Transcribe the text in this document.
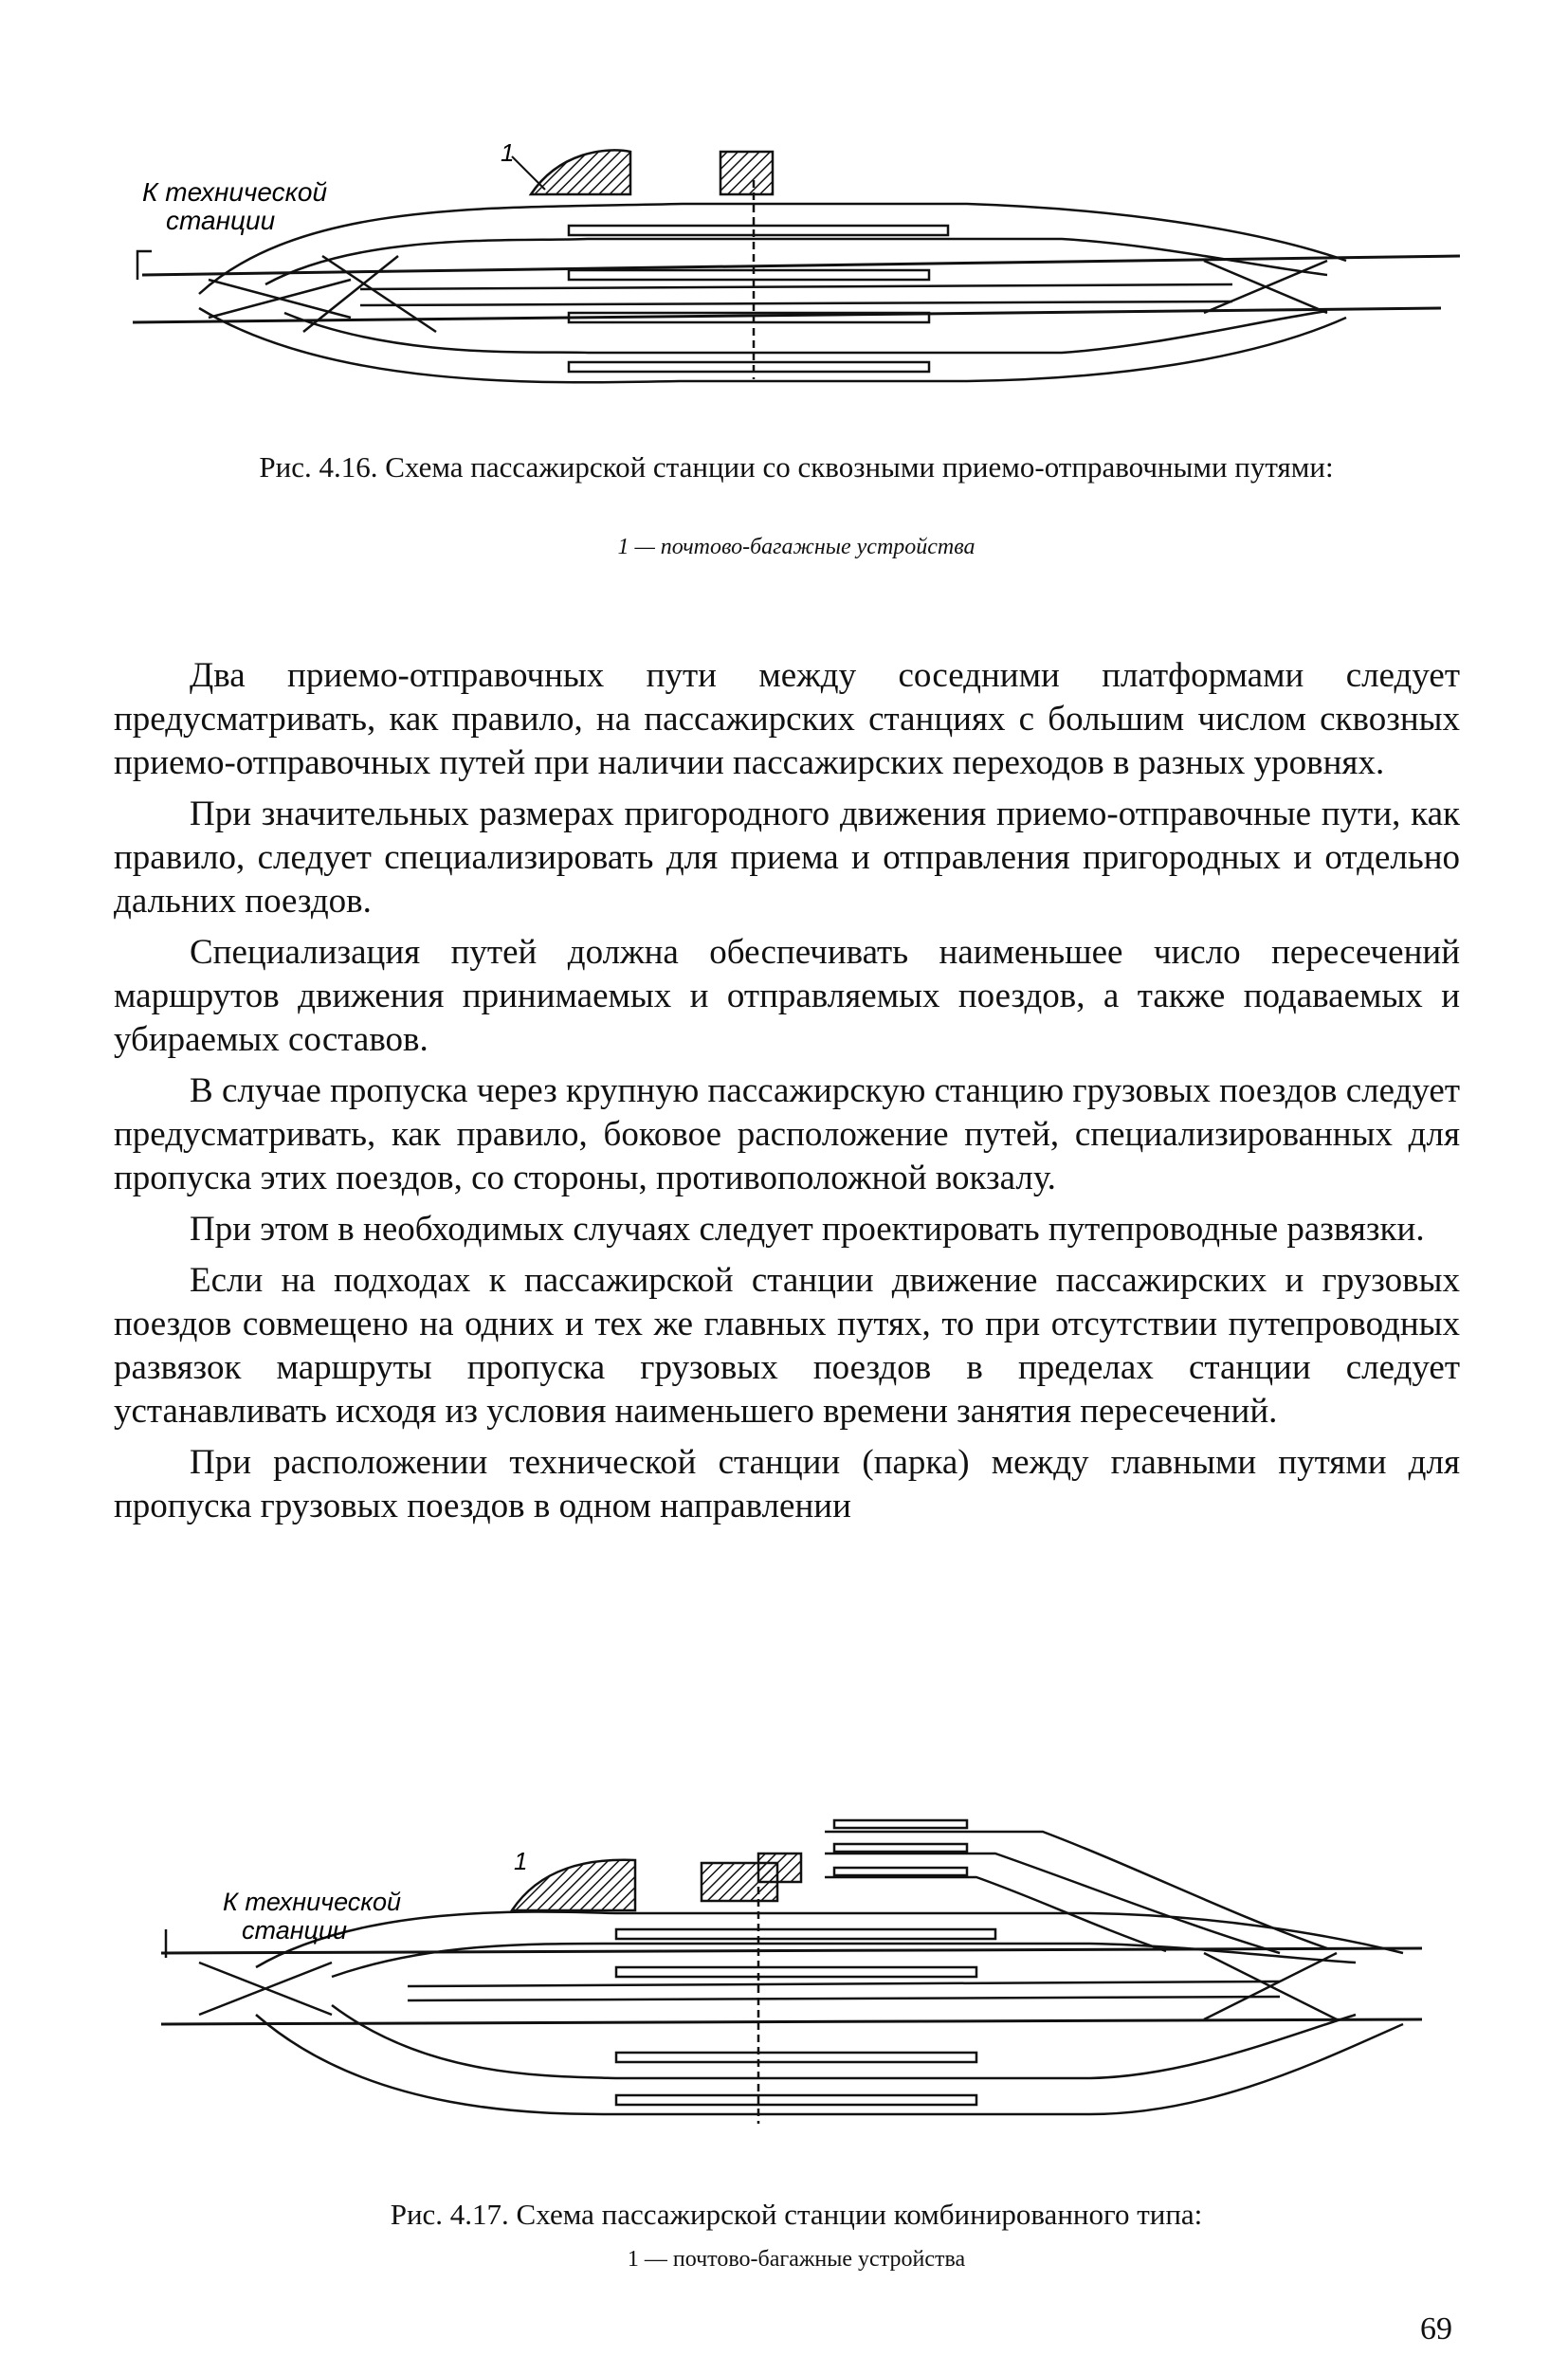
1
К технической
станции
Рис. 4.16. Схема пассажирской станции со сквозными приемо-отправочными путями:
1 — почтово-багажные устройства

Два приемо-отправочных пути между соседними платформами следует предусматривать, как правило, на пассажирских станциях с большим числом сквозных приемо-отправочных путей при наличии пассажирских переходов в разных уровнях.

При значительных размерах пригородного движения приемо-отправочные пути, как правило, следует специализировать для приема и отправления пригородных и отдельно дальних поездов.

Специализация путей должна обеспечивать наименьшее число пересечений маршрутов движения принимаемых и отправляемых поездов, а также подаваемых и убираемых составов.

В случае пропуска через крупную пассажирскую станцию грузовых поездов следует предусматривать, как правило, боковое расположение путей, специализированных для пропуска этих поездов, со стороны, противоположной вокзалу.

При этом в необходимых случаях следует проектировать путепроводные развязки.

Если на подходах к пассажирской станции движение пассажирских и грузовых поездов совмещено на одних и тех же главных путях, то при отсутствии путепроводных развязок маршруты пропуска грузовых поездов в пределах станции следует устанавливать исходя из условия наименьшего времени занятия пересечений.

При расположении технической станции (парка) между главными путями для пропуска грузовых поездов в одном направлении

1
К технической
станции
Рис. 4.17. Схема пассажирской станции комбинированного типа:
1 — почтово-багажные устройства
69
